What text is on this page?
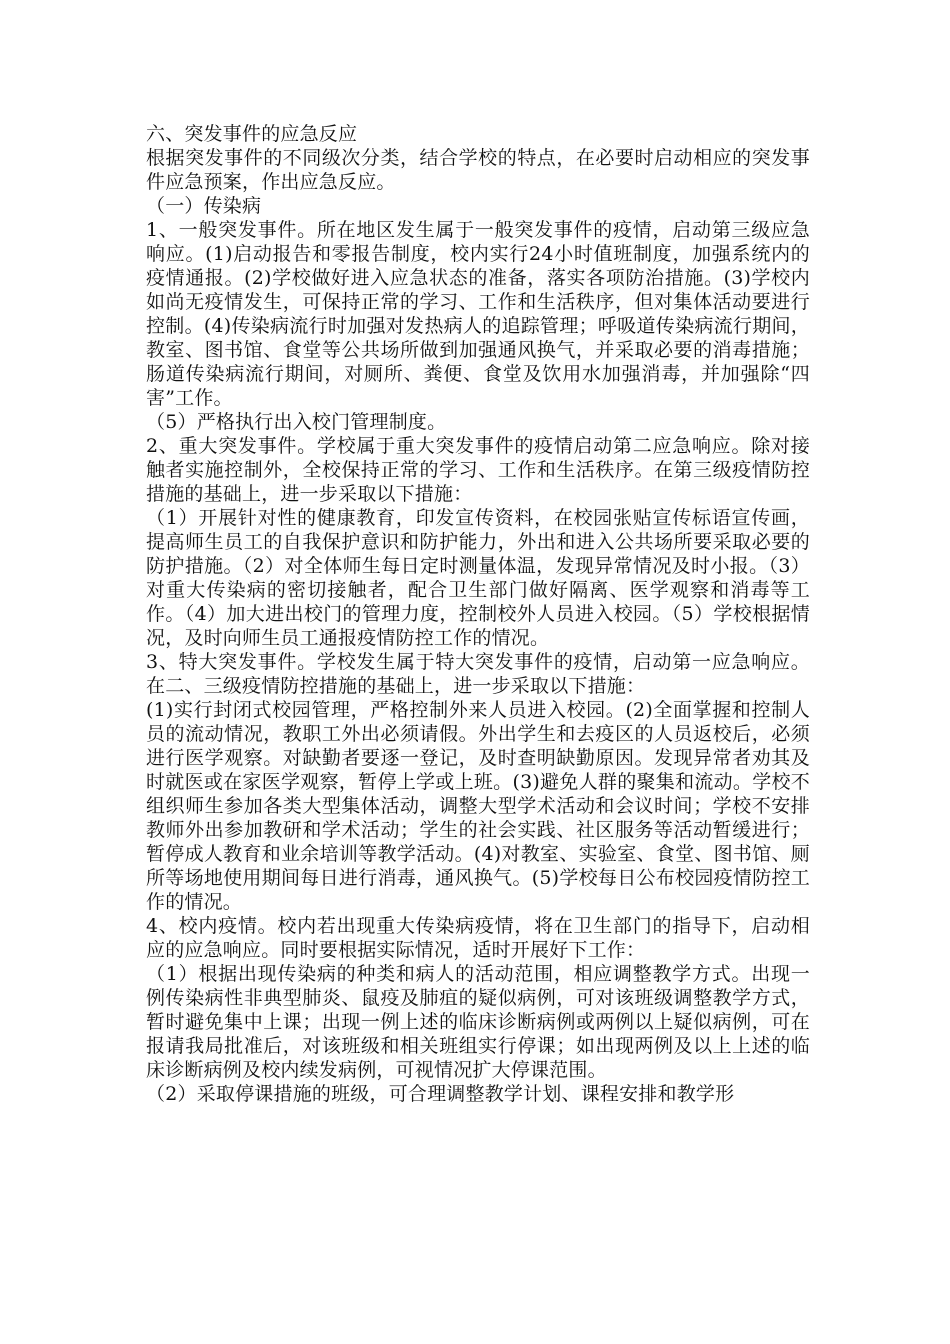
六、突发事件的应急反应

根据突发事件的不同级次分类，结合学校的特点，在必要时启动相应的突发事件应急预案，作出应急反应。

（一）传染病

1、一般突发事件。所在地区发生属于一般突发事件的疫情，启动第三级应急响应。(1)启动报告和零报告制度，校内实行24小时值班制度，加强系统内的疫情通报。(2)学校做好进入应急状态的准备，落实各项防治措施。(3)学校内如尚无疫情发生，可保持正常的学习、工作和生活秩序，但对集体活动要进行控制。(4)传染病流行时加强对发热病人的追踪管理；呼吸道传染病流行期间，教室、图书馆、食堂等公共场所做到加强通风换气，并采取必要的消毒措施；肠道传染病流行期间，对厕所、粪便、食堂及饮用水加强消毒，并加强除“四害”工作。

（5）严格执行出入校门管理制度。

2、重大突发事件。学校属于重大突发事件的疫情启动第二应急响应。除对接触者实施控制外，全校保持正常的学习、工作和生活秩序。在第三级疫情防控措施的基础上，进一步采取以下措施：

（1）开展针对性的健康教育，印发宣传资料，在校园张贴宣传标语宣传画，提高师生员工的自我保护意识和防护能力，外出和进入公共场所要采取必要的防护措施。（2）对全体师生每日定时测量体温，发现异常情况及时小报。（3）对重大传染病的密切接触者，配合卫生部门做好隔离、医学观察和消毒等工作。（4）加大进出校门的管理力度，控制校外人员进入校园。（5）学校根据情况，及时向师生员工通报疫情防控工作的情况。

3、特大突发事件。学校发生属于特大突发事件的疫情，启动第一应急响应。在二、三级疫情防控措施的基础上，进一步采取以下措施：

(1)实行封闭式校园管理，严格控制外来人员进入校园。(2)全面掌握和控制人员的流动情况，教职工外出必须请假。外出学生和去疫区的人员返校后，必须进行医学观察。对缺勤者要逐一登记，及时查明缺勤原因。发现异常者劝其及时就医或在家医学观察，暂停上学或上班。(3)避免人群的聚集和流动。学校不组织师生参加各类大型集体活动，调整大型学术活动和会议时间；学校不安排教师外出参加教研和学术活动；学生的社会实践、社区服务等活动暂缓进行；暂停成人教育和业余培训等教学活动。(4)对教室、实验室、食堂、图书馆、厕所等场地使用期间每日进行消毒，通风换气。(5)学校每日公布校园疫情防控工作的情况。

4、校内疫情。校内若出现重大传染病疫情，将在卫生部门的指导下，启动相应的应急响应。同时要根据实际情况，适时开展好下工作：

（1）根据出现传染病的种类和病人的活动范围，相应调整教学方式。出现一例传染病性非典型肺炎、鼠疫及肺疽的疑似病例，可对该班级调整教学方式，暂时避免集中上课；出现一例上述的临床诊断病例或两例以上疑似病例，可在报请我局批准后，对该班级和相关班组实行停课；如出现两例及以上上述的临床诊断病例及校内续发病例，可视情况扩大停课范围。

（2）采取停课措施的班级，可合理调整教学计划、课程安排和教学形
